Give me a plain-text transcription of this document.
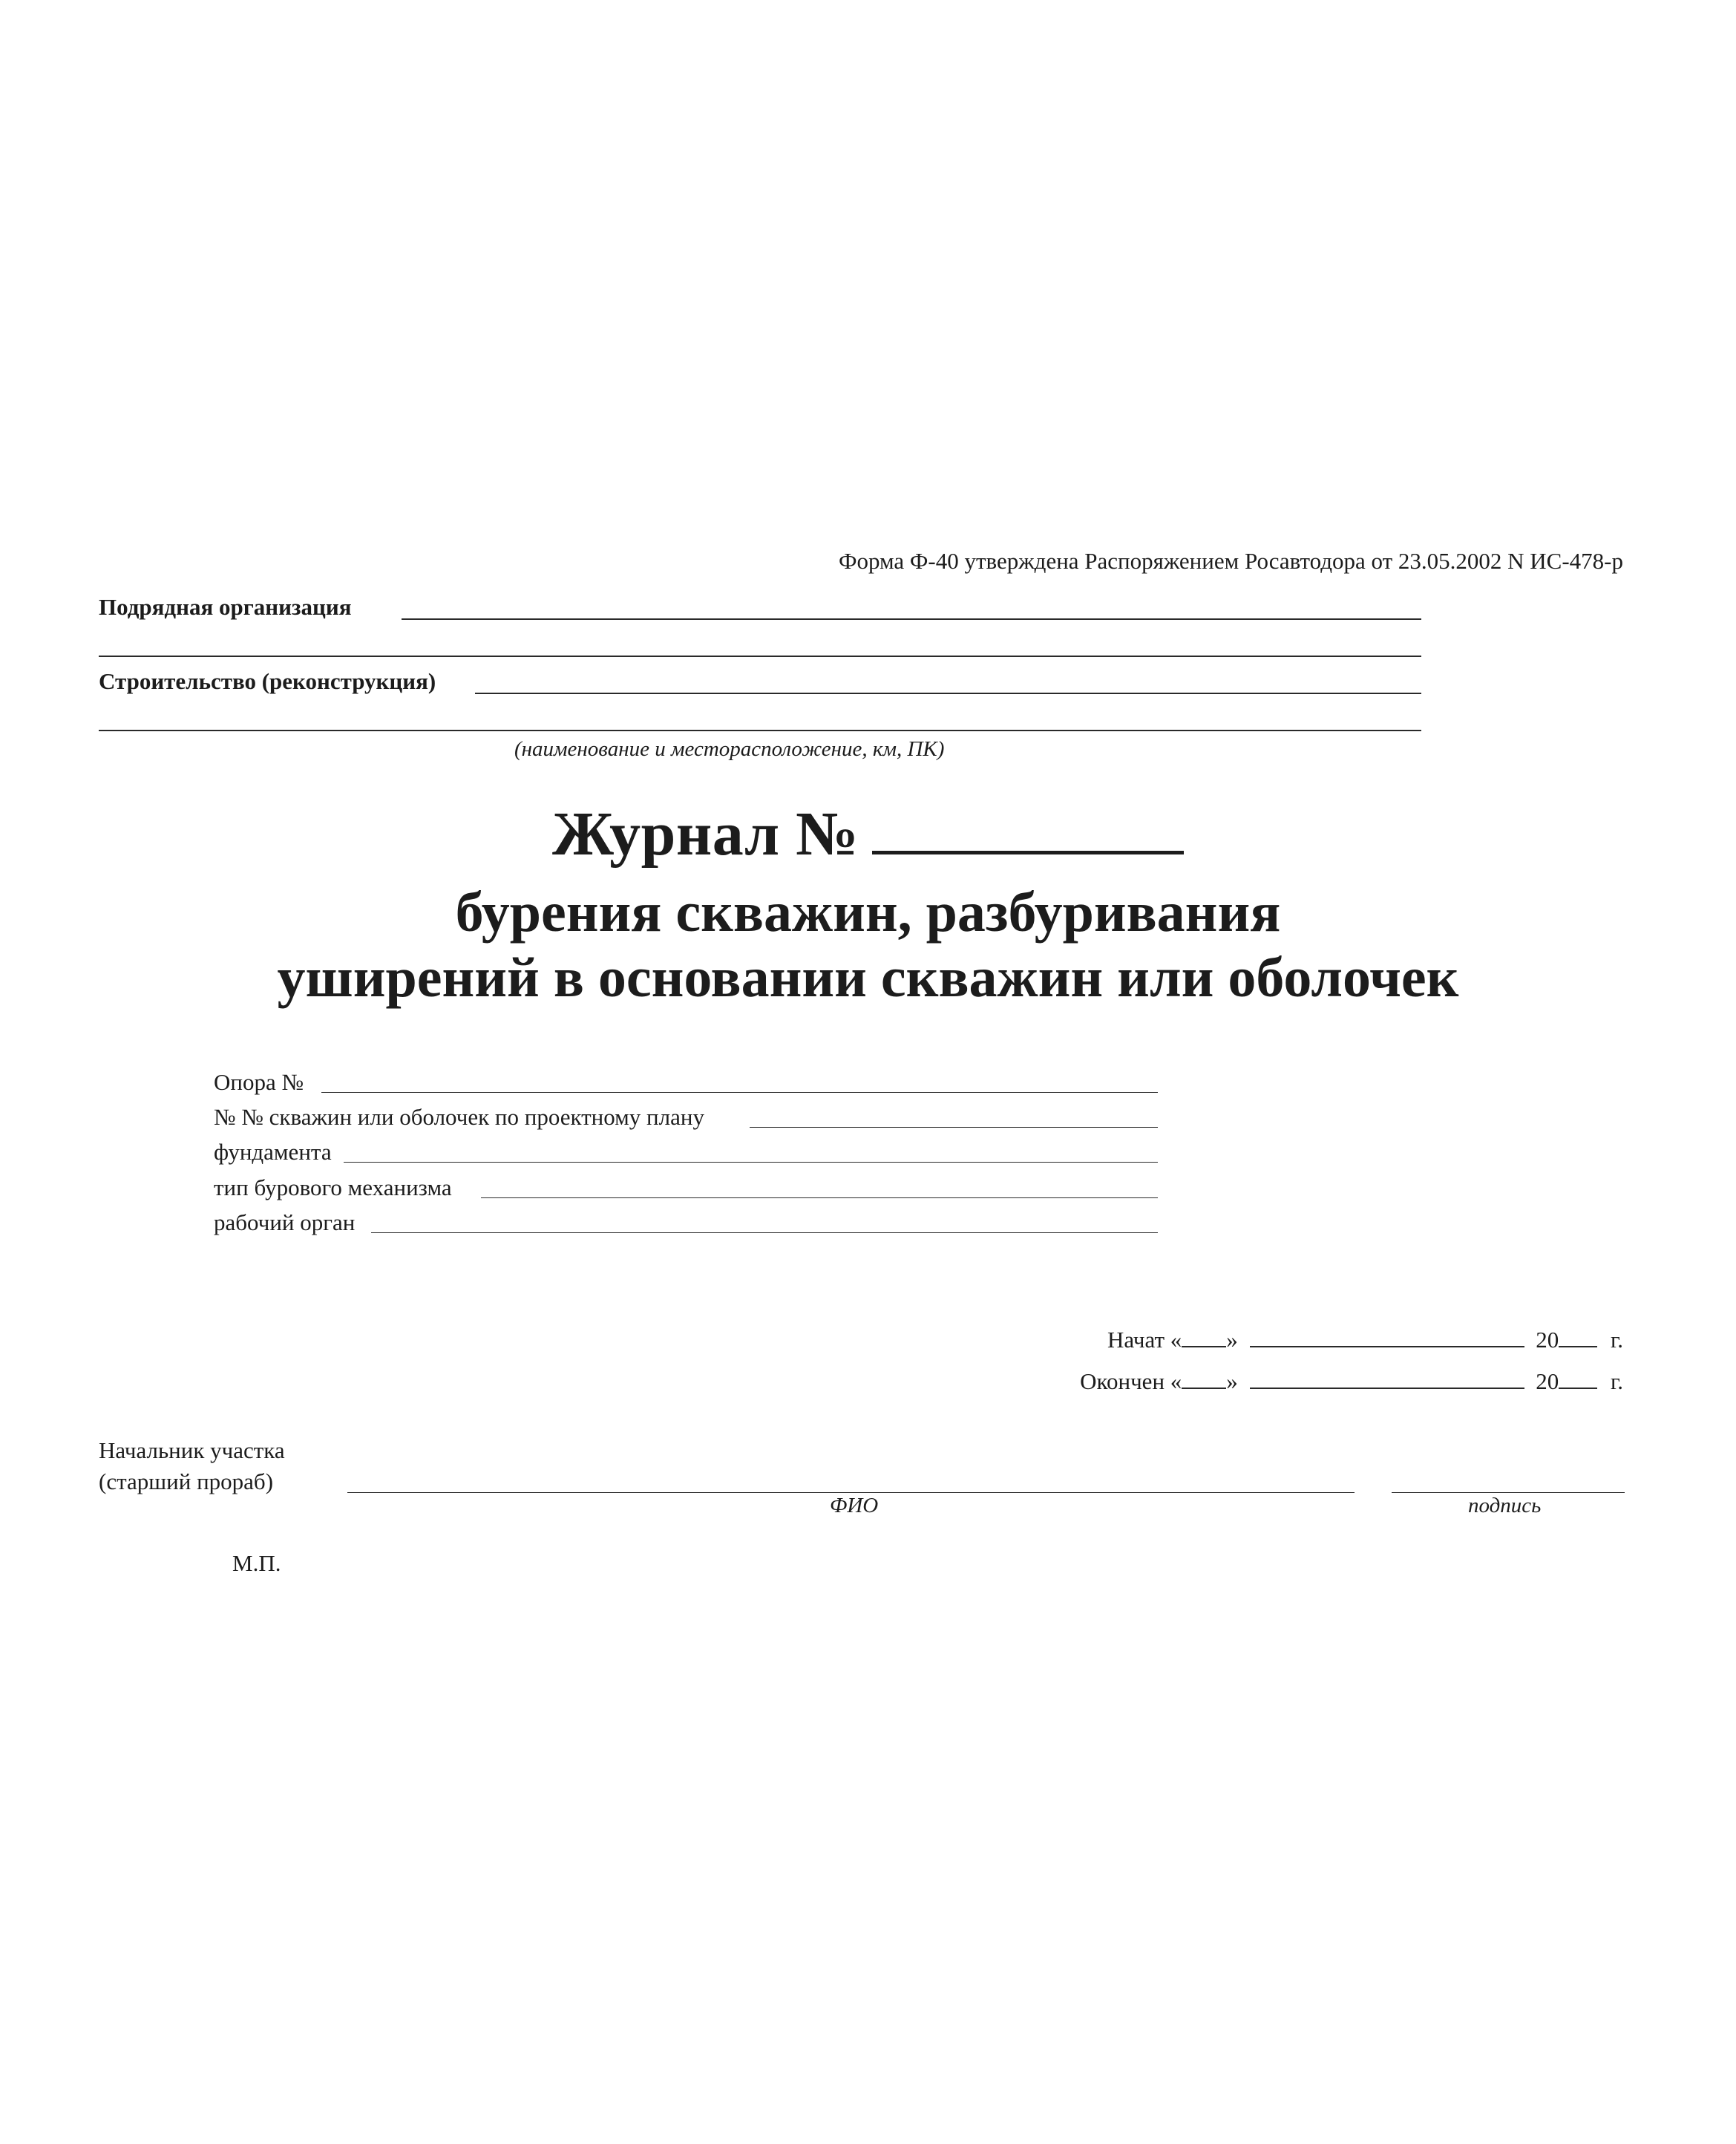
Форма Ф-40 утверждена Распоряжением Росавтодора от 23.05.2002 N ИС-478-р
Подрядная организация
Строительство (реконструкция)
(наименование и месторасположение, км, ПК)
Журнал №
бурения скважин, разбуривания
уширений в основании скважин или оболочек
Опора №
№ № скважин или оболочек по проектному плану
фундамента
тип бурового механизма
рабочий орган
Начат « »	20 г.
Окончен « »	20 г.
Начальник участка
(старший прораб)
ФИО	подпись
М.П.
